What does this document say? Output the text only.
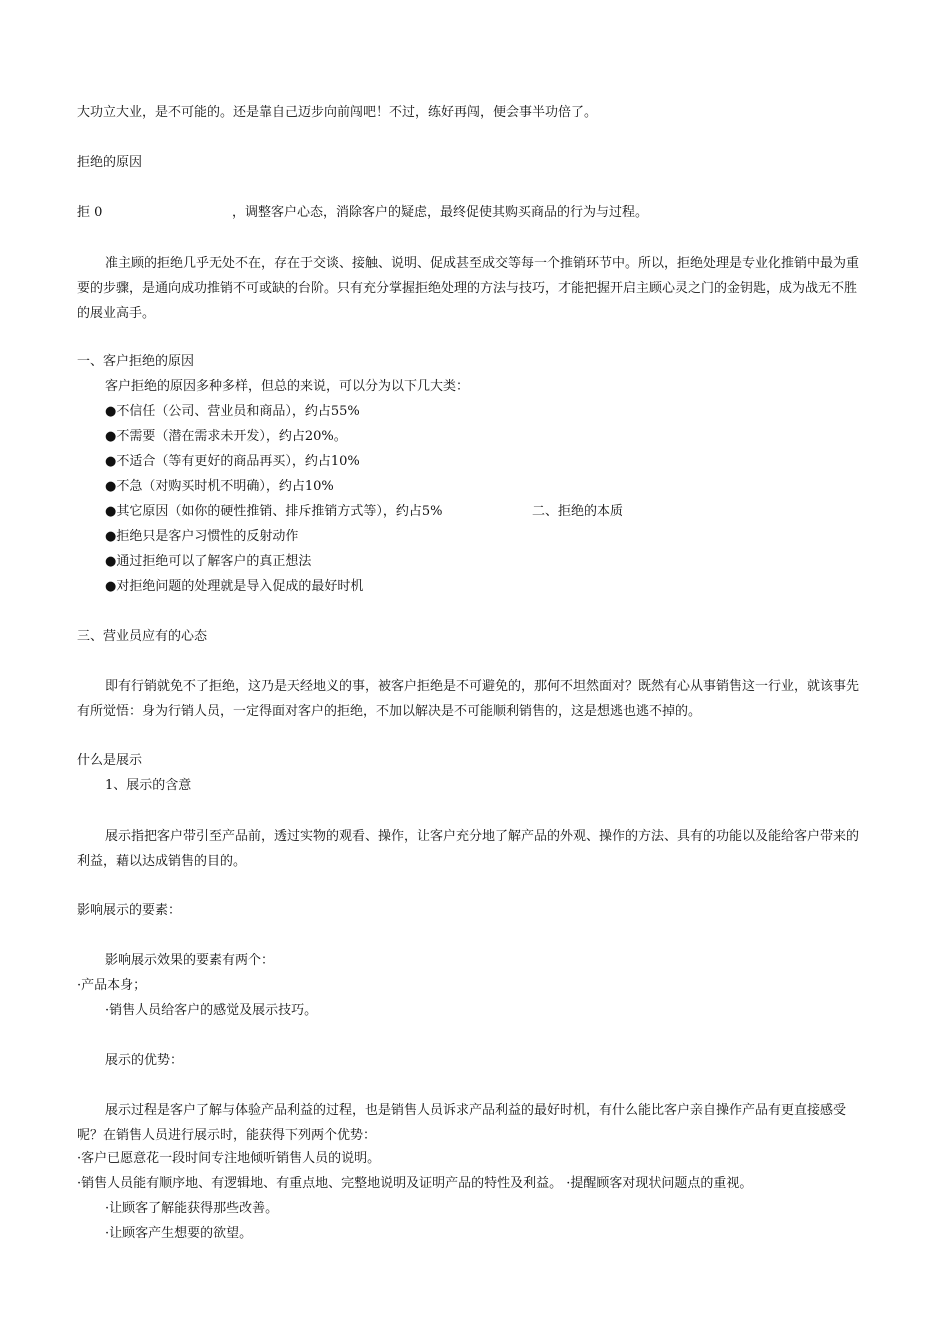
大功立大业，是不可能的。还是靠自己迈步向前闯吧！不过，练好再闯，便会事半功倍了。
拒绝的原因
拒 0	，调整客户心态，消除客户的疑虑，最终促使其购买商品的行为与过程。
准主顾的拒绝几乎无处不在，存在于交谈、接触、说明、促成甚至成交等每一个推销环节中。所以，拒绝处理是专业化推销中最为重要的步骤，是通向成功推销不可或缺的台阶。只有充分掌握拒绝处理的方法与技巧，才能把握开启主顾心灵之门的金钥匙，成为战无不胜的展业高手。
一、客户拒绝的原因
客户拒绝的原因多种多样，但总的来说，可以分为以下几大类：
● 不信任（公司、营业员和商品），约占55%
● 不需要（潜在需求未开发），约占20%。
● 不适合（等有更好的商品再买），约占10%
● 不急（对购买时机不明确），约占10%
● 其它原因（如你的硬性推销、排斥推销方式等），约占5%	二、拒绝的本质
● 拒绝只是客户习惯性的反射动作
● 通过拒绝可以了解客户的真正想法
● 对拒绝问题的处理就是导入促成的最好时机
三、营业员应有的心态
即有行销就免不了拒绝，这乃是天经地义的事，被客户拒绝是不可避免的，那何不坦然面对？既然有心从事销售这一行业，就该事先有所觉悟：身为行销人员，一定得面对客户的拒绝，不加以解决是不可能顺利销售的，这是想逃也逃不掉的。
什么是展示
1、展示的含意
展示指把客户带引至产品前，透过实物的观看、操作，让客户充分地了解产品的外观、操作的方法、具有的功能以及能给客户带来的利益，藉以达成销售的目的。
影响展示的要素：
影响展示效果的要素有两个：
·产品本身；
·销售人员给客户的感觉及展示技巧。
展示的优势：
展示过程是客户了解与体验产品利益的过程，也是销售人员诉求产品利益的最好时机，有什么能比客户亲自操作产品有更直接感受呢？在销售人员进行展示时，能获得下列两个优势：
·客户已愿意花一段时间专注地倾听销售人员的说明。
·销售人员能有顺序地、有逻辑地、有重点地、完整地说明及证明产品的特性及利益。 ·提醒顾客对现状问题点的重视。
·让顾客了解能获得那些改善。
·让顾客产生想要的欲望。
